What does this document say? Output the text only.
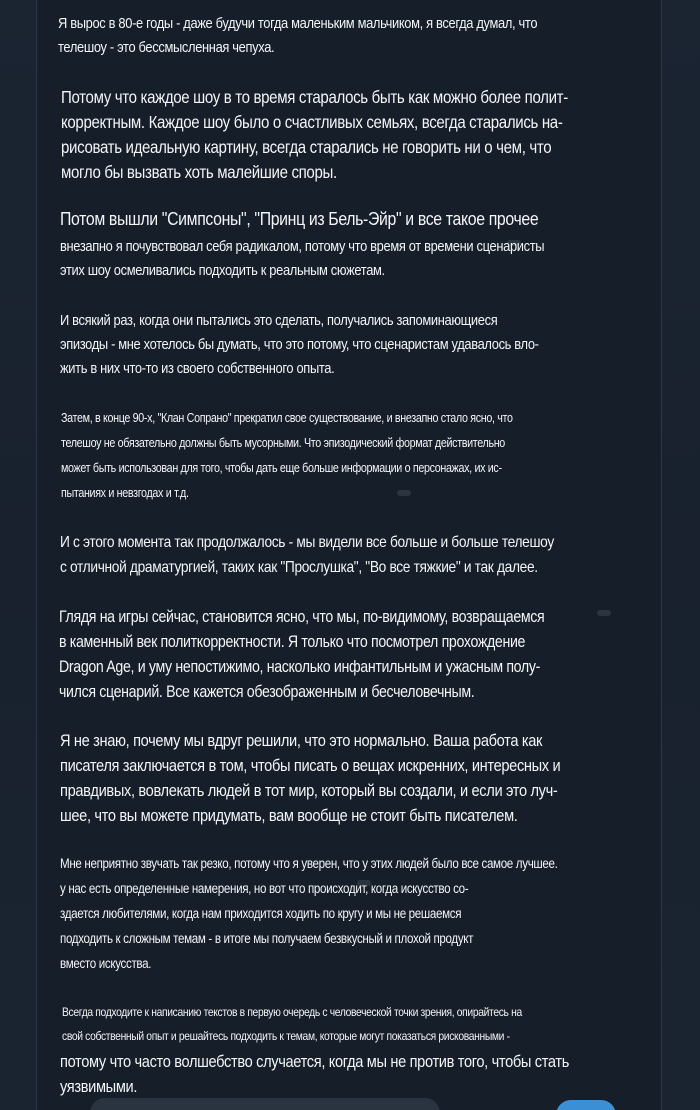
Я вырос в 80-е годы - даже будучи тогда маленьким мальчиком, я всегда думал, что
телешоу - это бессмысленная чепуха.

Потому что каждое шоу в то время старалось быть как можно более полит-
корректным. Каждое шоу было о счастливых семьях, всегда старались на-
рисовать идеальную картину, всегда старались не говорить ни о чем, что
могло бы вызвать хоть малейшие споры.

Потом вышли "Симпсоны", "Принц из Бель-Эйр" и все такое прочее

внезапно я почувствовал себя радикалом, потому что время от времени сценаристы
этих шоу осмеливались подходить к реальным сюжетам.

И всякий раз, когда они пытались это сделать, получались запоминающиеся
эпизоды - мне хотелось бы думать, что это потому, что сценаристам удавалось вло-
жить в них что-то из своего собственного опыта.

Затем, в конце 90-х, "Клан Сопрано" прекратил свое существование, и внезапно стало ясно, что
телешоу не обязательно должны быть мусорными. Что эпизодический формат действительно
может быть использован для того, чтобы дать еще больше информации о персонажах, их ис-
пытаниях и невзгодах и т.д.

И с этого момента так продолжалось - мы видели все больше и больше телешоу
с отличной драматургией, таких как "Прослушка", "Во все тяжкие" и так далее.

Глядя на игры сейчас, становится ясно, что мы, по-видимому, возвращаемся
в каменный век политкорректности. Я только что посмотрел прохождение
Dragon Age, и уму непостижимо, насколько инфантильным и ужасным полу-
чился сценарий. Все кажется обезображенным и бесчеловечным.

Я не знаю, почему мы вдруг решили, что это нормально. Ваша работа как
писателя заключается в том, чтобы писать о вещах искренних, интересных и
правдивых, вовлекать людей в тот мир, который вы создали, и если это луч-
шее, что вы можете придумать, вам вообще не стоит быть писателем.

Мне неприятно звучать так резко, потому что я уверен, что у этих людей было все самое лучшее.
у нас есть определенные намерения, но вот что происходит, когда искусство со-
здается любителями, когда нам приходится ходить по кругу и мы не решаемся
подходить к сложным темам - в итоге мы получаем безвкусный и плохой продукт
вместо искусства.

Всегда подходите к написанию текстов в первую очередь с человеческой точки зрения, опирайтесь на
свой собственный опыт и решайтесь подходить к темам, которые могут показаться рискованными -

потому что часто волшебство случается, когда мы не против того, чтобы стать
уязвимыми.
